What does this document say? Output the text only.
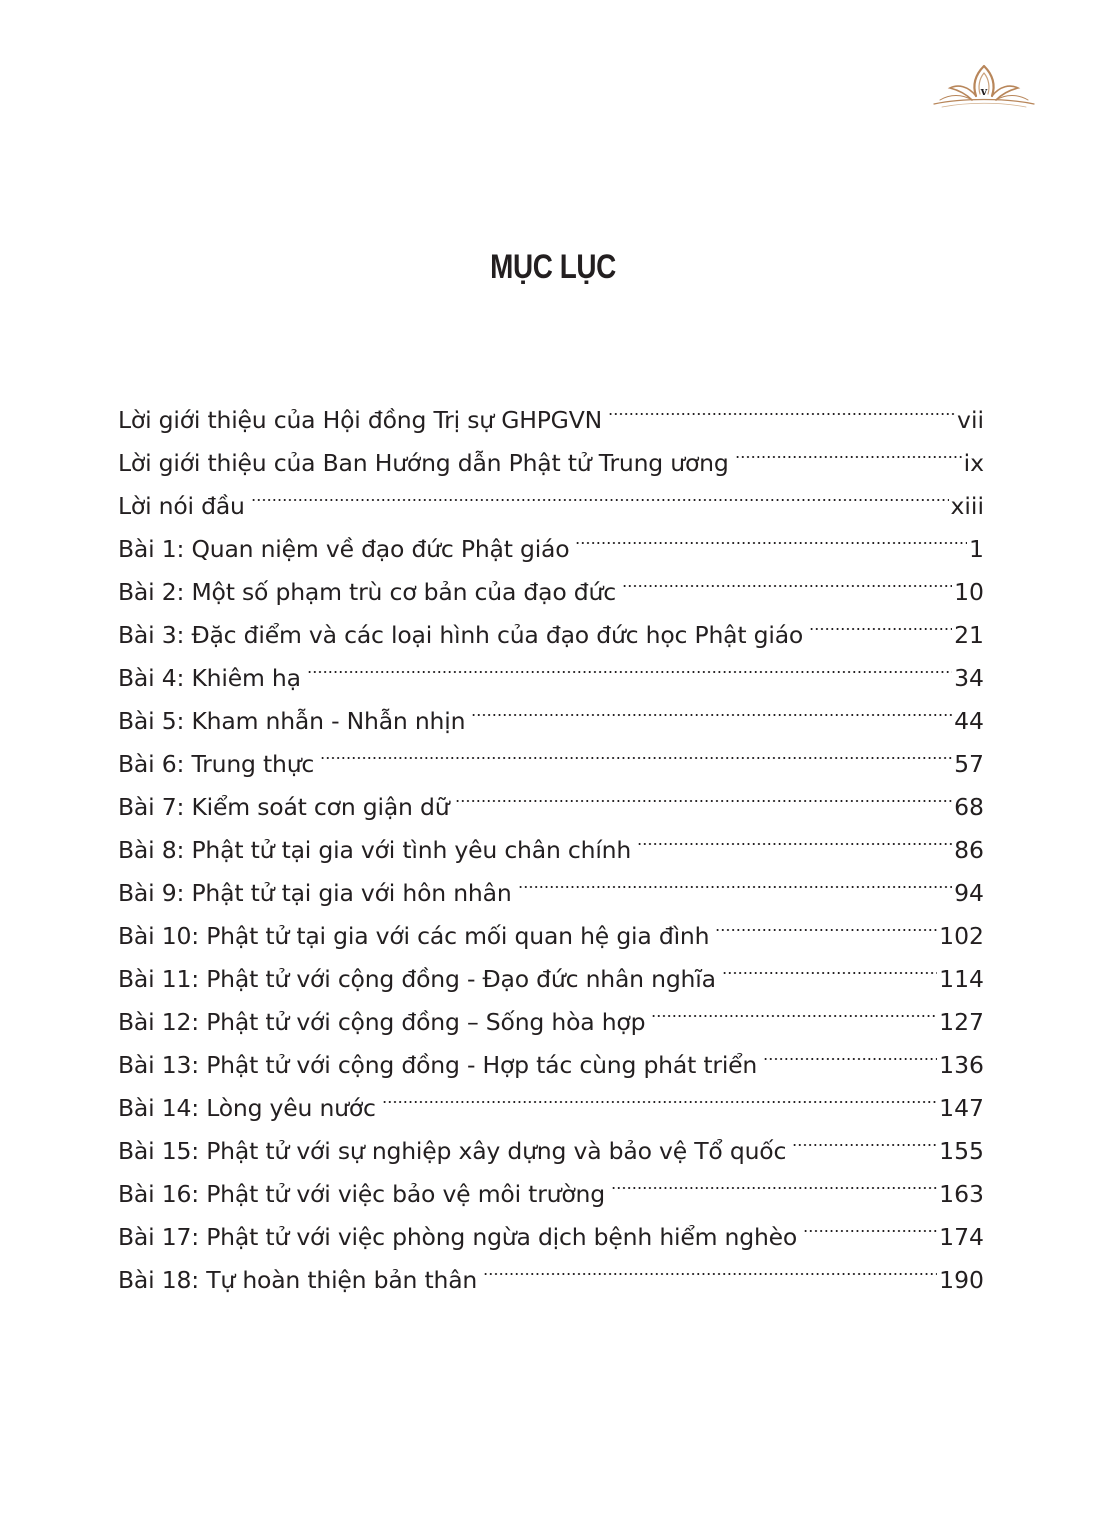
v
MỤC LỤC
Lời giới thiệu của Hội đồng Trị sự GHPGVN	vii
Lời giới thiệu của Ban Hướng dẫn Phật tử Trung ương	ix
Lời nói đầu	xiii
Bài 1: Quan niệm về đạo đức Phật giáo	1
Bài 2: Một số phạm trù cơ bản của đạo đức	10
Bài 3: Đặc điểm và các loại hình của đạo đức học Phật giáo	21
Bài 4: Khiêm hạ	34
Bài 5: Kham nhẫn - Nhẫn nhịn	44
Bài 6: Trung thực	57
Bài 7: Kiểm soát cơn giận dữ	68
Bài 8: Phật tử tại gia với tình yêu chân chính	86
Bài 9: Phật tử tại gia với hôn nhân	94
Bài 10: Phật tử tại gia với các mối quan hệ gia đình	102
Bài 11: Phật tử với cộng đồng - Đạo đức nhân nghĩa	114
Bài 12: Phật tử với cộng đồng – Sống hòa hợp	127
Bài 13: Phật tử với cộng đồng - Hợp tác cùng phát triển	136
Bài 14: Lòng yêu nước	147
Bài 15: Phật tử với sự nghiệp xây dựng và bảo vệ Tổ quốc	155
Bài 16: Phật tử với việc bảo vệ môi trường	163
Bài 17: Phật tử với việc phòng ngừa dịch bệnh hiểm nghèo	174
Bài 18: Tự hoàn thiện bản thân	190
